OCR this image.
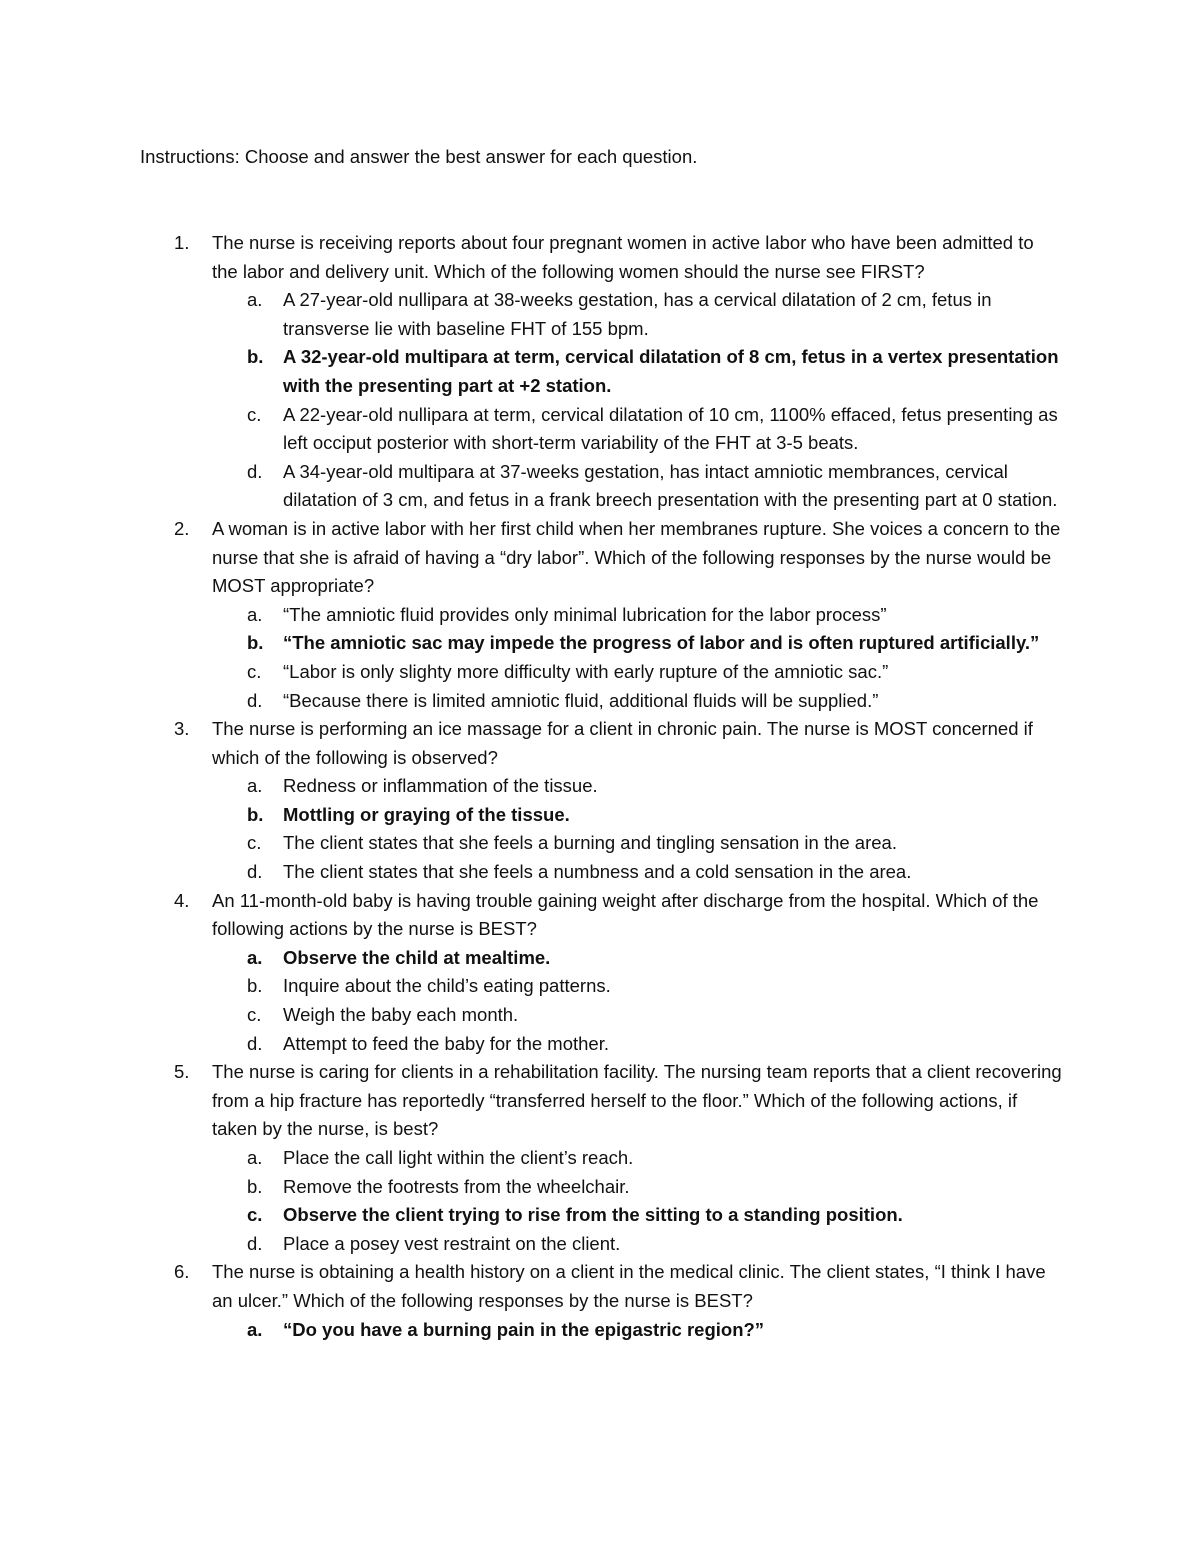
Instructions: Choose and answer the best answer for each question.
1. The nurse is receiving reports about four pregnant women in active labor who have been admitted to the labor and delivery unit. Which of the following women should the nurse see FIRST?
a. A 27-year-old nullipara at 38-weeks gestation, has a cervical dilatation of 2 cm, fetus in transverse lie with baseline FHT of 155 bpm.
b. A 32-year-old multipara at term, cervical dilatation of 8 cm, fetus in a vertex presentation with the presenting part at +2 station.
c. A 22-year-old nullipara at term, cervical dilatation of 10 cm, 1100% effaced, fetus presenting as left occiput posterior with short-term variability of the FHT at 3-5 beats.
d. A 34-year-old multipara at 37-weeks gestation, has intact amniotic membrances, cervical dilatation of 3 cm, and fetus in a frank breech presentation with the presenting part at 0 station.
2. A woman is in active labor with her first child when her membranes rupture. She voices a concern to the nurse that she is afraid of having a “dry labor”. Which of the following responses by the nurse would be MOST appropriate?
a. “The amniotic fluid provides only minimal lubrication for the labor process”
b. “The amniotic sac may impede the progress of labor and is often ruptured artificially.”
c. “Labor is only slighty more difficulty with early rupture of the amniotic sac.”
d. “Because there is limited amniotic fluid, additional fluids will be supplied.”
3. The nurse is performing an ice massage for a client in chronic pain. The nurse is MOST concerned if which of the following is observed?
a. Redness or inflammation of the tissue.
b. Mottling or graying of the tissue.
c. The client states that she feels a burning and tingling sensation in the area.
d. The client states that she feels a numbness and a cold sensation in the area.
4. An 11-month-old baby is having trouble gaining weight after discharge from the hospital. Which of the following actions by the nurse is BEST?
a. Observe the child at mealtime.
b. Inquire about the child’s eating patterns.
c. Weigh the baby each month.
d. Attempt to feed the baby for the mother.
5. The nurse is caring for clients in a rehabilitation facility. The nursing team reports that a client recovering from a hip fracture has reportedly “transferred herself to the floor.” Which of the following actions, if taken by the nurse, is best?
a. Place the call light within the client’s reach.
b. Remove the footrests from the wheelchair.
c. Observe the client trying to rise from the sitting to a standing position.
d. Place a posey vest restraint on the client.
6. The nurse is obtaining a health history on a client in the medical clinic. The client states, “I think I have an ulcer.” Which of the following responses by the nurse is BEST?
a. “Do you have a burning pain in the epigastric region?”
